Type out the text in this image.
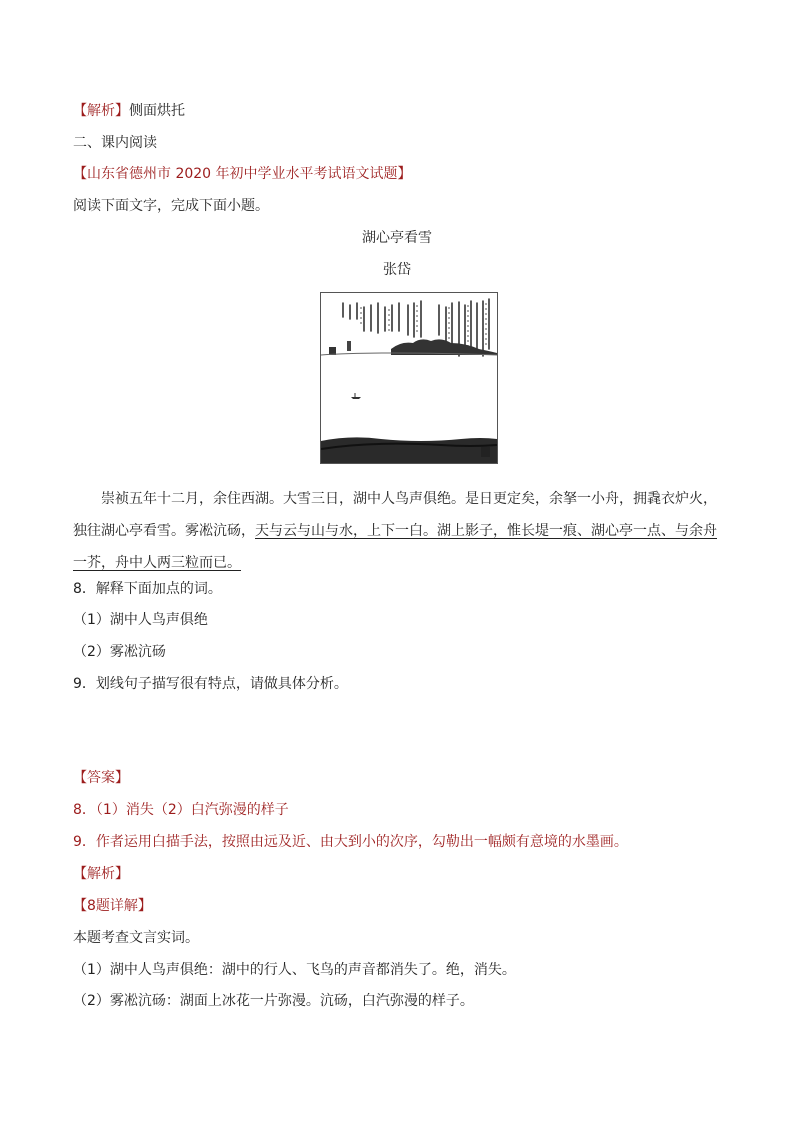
【解析】侧面烘托
二、课内阅读
【山东省德州市 2020 年初中学业水平考试语文试题】
阅读下面文字，完成下面小题。
湖心亭看雪
张岱
崇祯五年十二月，余住西湖。大雪三日，湖中人鸟声俱绝。是日更定矣，余拏一小舟，拥毳衣炉火，
独往湖心亭看雪。雾凇沆砀，天与云与山与水，上下一白。湖上影子，惟长堤一痕、湖心亭一点、与余舟
一芥，舟中人两三粒而已。
8．解释下面加点的词。
（1）湖中人鸟声俱绝
（2）雾凇沆砀
9．划线句子描写很有特点，请做具体分析。
【答案】
8．（1）消失（2）白汽弥漫的样子
9．作者运用白描手法，按照由远及近、由大到小的次序，勾勒出一幅颇有意境的水墨画。
【解析】
【8题详解】
本题考查文言实词。
（1）湖中人鸟声俱绝：湖中的行人、飞鸟的声音都消失了。绝，消失。
（2）雾凇沆砀：湖面上冰花一片弥漫。沆砀，白汽弥漫的样子。
